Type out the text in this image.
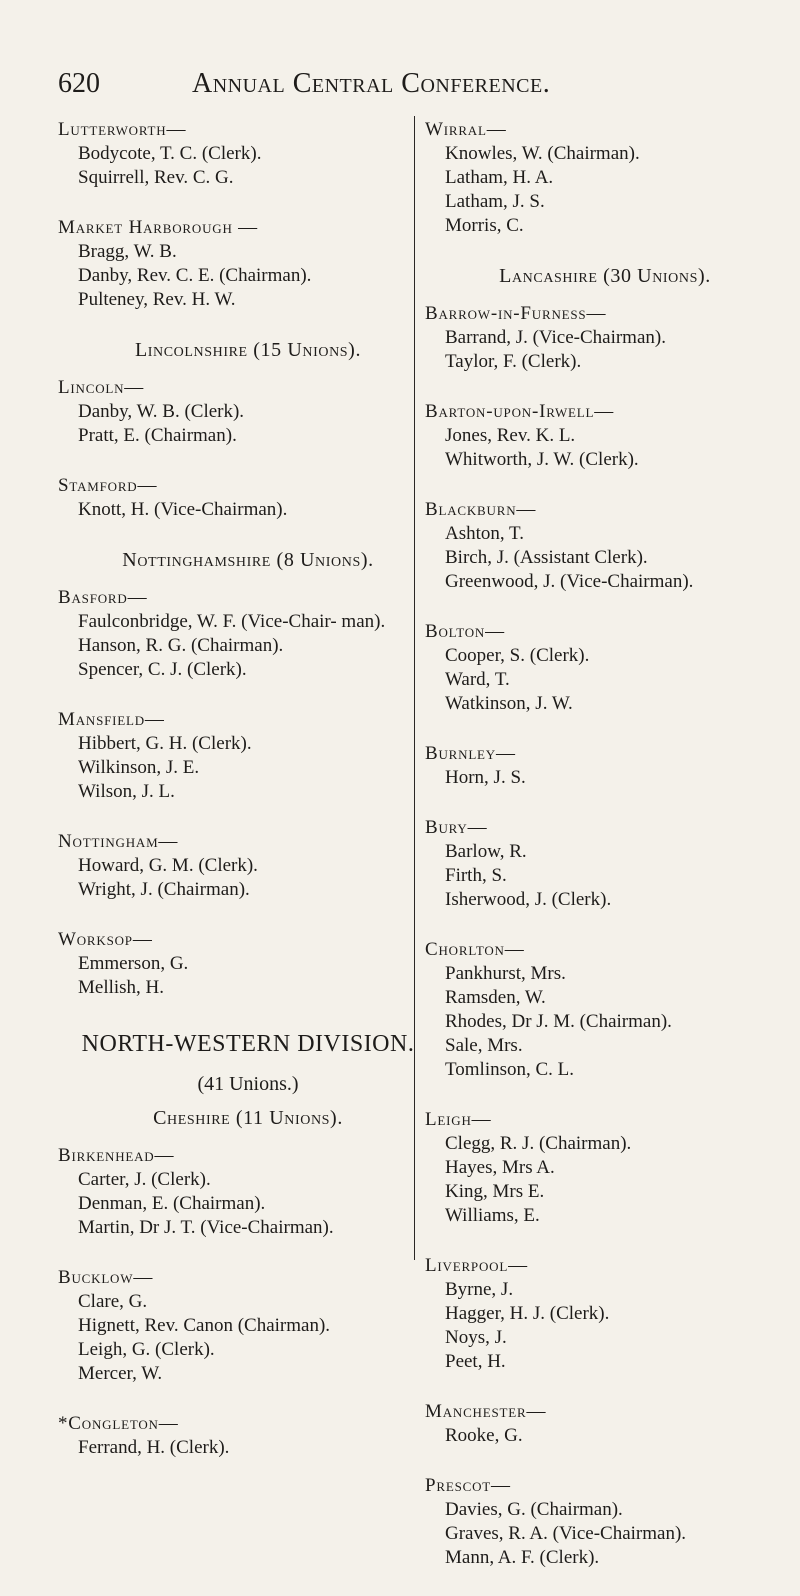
620	Annual Central Conference.

Lutterworth—

Bodycote, T. C. (Clerk).

Squirrell, Rev. C. G.

Market Harborough —

Bragg, W. B.

Danby, Rev. C. E. (Chairman).

Pulteney, Rev. H. W.

Lincolnshire (15 Unions).

Lincoln—

Danby, W. B. (Clerk).

Pratt, E. (Chairman).

Stamford—

Knott, H. (Vice-Chairman).

Nottinghamshire (8 Unions).

Basford—

Faulconbridge, W. F. (Vice-Chair- man).

Hanson, R. G. (Chairman).

Spencer, C. J. (Clerk).

Mansfield—

Hibbert, G. H. (Clerk).

Wilkinson, J. E.

Wilson, J. L.

Nottingham—

Howard, G. M. (Clerk).

Wright, J. (Chairman).

Worksop—

Emmerson, G.

Mellish, H.

NORTH-WESTERN DIVISION.

(41 Unions.)

Cheshire (11 Unions).

Birkenhead—

Carter, J. (Clerk).

Denman, E. (Chairman).

Martin, Dr J. T. (Vice-Chairman).

Bucklow—

Clare, G.

Hignett, Rev. Canon (Chairman).

Leigh, G. (Clerk).

Mercer, W.

*Congleton—

Ferrand, H. (Clerk).

Wirral—

Knowles, W. (Chairman).

Latham, H. A.

Latham, J. S.

Morris, C.

Lancashire (30 Unions).

Barrow-in-Furness—

Barrand, J. (Vice-Chairman).

Taylor, F. (Clerk).

Barton-upon-Irwell—

Jones, Rev. K. L.

Whitworth, J. W. (Clerk).

Blackburn—

Ashton, T.

Birch, J. (Assistant Clerk).

Greenwood, J. (Vice-Chairman).

Bolton—

Cooper, S. (Clerk).

Ward, T.

Watkinson, J. W.

Burnley—

Horn, J. S.

Bury—

Barlow, R.

Firth, S.

Isherwood, J. (Clerk).

Chorlton—

Pankhurst, Mrs.

Ramsden, W.

Rhodes, Dr J. M. (Chairman).

Sale, Mrs.

Tomlinson, C. L.

Leigh—

Clegg, R. J. (Chairman).

Hayes, Mrs A.

King, Mrs E.

Williams, E.

Liverpool—

Byrne, J.

Hagger, H. J. (Clerk).

Noys, J.

Peet, H.

Manchester—

Rooke, G.

Prescot—

Davies, G. (Chairman).

Graves, R. A. (Vice-Chairman).

Mann, A. F. (Clerk).
